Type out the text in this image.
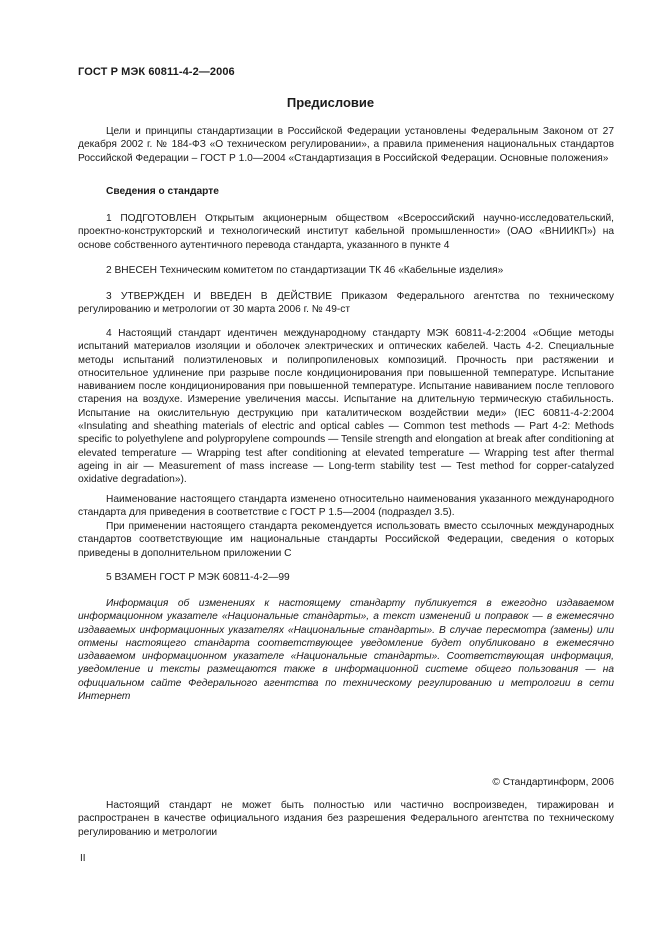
ГОСТ Р МЭК 60811-4-2—2006
Предисловие

Цели и принципы стандартизации в Российской Федерации установлены Федеральным Законом от 27 декабря 2002 г. № 184-ФЗ «О техническом регулировании», а правила применения национальных стандартов Российской Федерации – ГОСТ Р 1.0—2004 «Стандартизация в Российской Федерации. Основные положения»

Сведения о стандарте

1 ПОДГОТОВЛЕН Открытым акционерным обществом «Всероссийский научно-исследовательский, проектно-конструкторский и технологический институт кабельной промышленности» (ОАО «ВНИИКП») на основе собственного аутентичного перевода стандарта, указанного в пункте 4

2 ВНЕСЕН Техническим комитетом по стандартизации ТК 46 «Кабельные изделия»

3 УТВЕРЖДЕН И ВВЕДЕН В ДЕЙСТВИЕ Приказом Федерального агентства по техническому регулированию и метрологии от 30 марта 2006 г. № 49-ст

4 Настоящий стандарт идентичен международному стандарту МЭК 60811-4-2:2004 «Общие методы испытаний материалов изоляции и оболочек электрических и оптических кабелей. Часть 4-2. Специальные методы испытаний полиэтиленовых и полипропиленовых композиций. Прочность при растяжении и относительное удлинение при разрыве после кондиционирования при повышенной температуре. Испытание навиванием после кондиционирования при повышенной температуре. Испытание навиванием после теплового старения на воздухе. Измерение увеличения массы. Испытание на длительную термическую стабильность. Испытание на окислительную деструкцию при каталитическом воздействии меди» (IEC 60811-4-2:2004 «Insulating and sheathing materials of electric and optical cables — Common test methods — Part 4-2: Methods specific to polyethylene and polypropylene compounds — Tensile strength and elongation at break after conditioning at elevated temperature — Wrapping test after conditioning at elevated temperature — Wrapping test after thermal ageing in air — Measurement of mass increase — Long-term stability test — Test method for copper-catalyzed oxidative degradation»).

Наименование настоящего стандарта изменено относительно наименования указанного международного стандарта для приведения в соответствие с ГОСТ Р 1.5—2004 (подраздел 3.5).

При применении настоящего стандарта рекомендуется использовать вместо ссылочных международных стандартов соответствующие им национальные стандарты Российской Федерации, сведения о которых приведены в дополнительном приложении С

5 ВЗАМЕН ГОСТ Р МЭК 60811-4-2—99

Информация об изменениях к настоящему стандарту публикуется в ежегодно издаваемом информационном указателе «Национальные стандарты», а текст изменений и поправок — в ежемесячно издаваемых информационных указателях «Национальные стандарты». В случае пересмотра (замены) или отмены настоящего стандарта соответствующее уведомление будет опубликовано в ежемесячно издаваемом информационном указателе «Национальные стандарты». Соответствующая информация, уведомление и тексты размещаются также в информационной системе общего пользования — на официальном сайте Федерального агентства по техническому регулированию и метрологии в сети Интернет

© Стандартинформ, 2006

Настоящий стандарт не может быть полностью или частично воспроизведен, тиражирован и распространен в качестве официального издания без разрешения Федерального агентства по техническому регулированию и метрологии

II
